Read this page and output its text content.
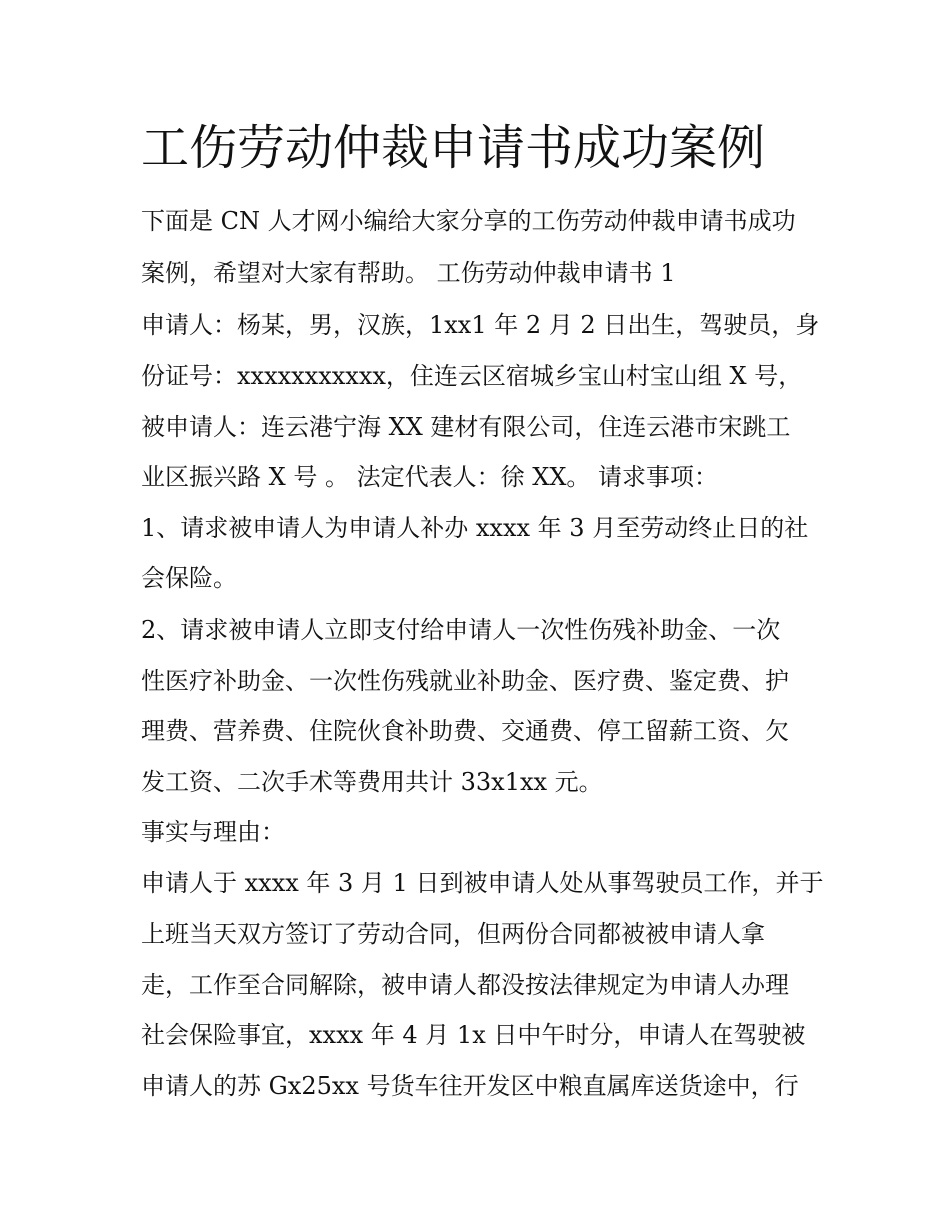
工伤劳动仲裁申请书成功案例
下面是 CN 人才网小编给大家分享的工伤劳动仲裁申请书成功
案例，希望对大家有帮助。 工伤劳动仲裁申请书 1
申请人：杨某，男，汉族，1xx1 年 2 月 2 日出生，驾驶员，身
份证号：xxxxxxxxxxx，住连云区宿城乡宝山村宝山组 X 号，
被申请人：连云港宁海 XX 建材有限公司，住连云港市宋跳工
业区振兴路 X 号 。 法定代表人：徐 XX。 请求事项：
1、请求被申请人为申请人补办 xxxx 年 3 月至劳动终止日的社
会保险。
2、请求被申请人立即支付给申请人一次性伤残补助金、一次
性医疗补助金、一次性伤残就业补助金、医疗费、鉴定费、护
理费、营养费、住院伙食补助费、交通费、停工留薪工资、欠
发工资、二次手术等费用共计 33x1xx 元。
事实与理由：
申请人于 xxxx 年 3 月 1 日到被申请人处从事驾驶员工作，并于
上班当天双方签订了劳动合同，但两份合同都被被申请人拿
走，工作至合同解除，被申请人都没按法律规定为申请人办理
社会保险事宜，xxxx 年 4 月 1x 日中午时分，申请人在驾驶被
申请人的苏 Gx25xx 号货车往开发区中粮直属库送货途中，行
